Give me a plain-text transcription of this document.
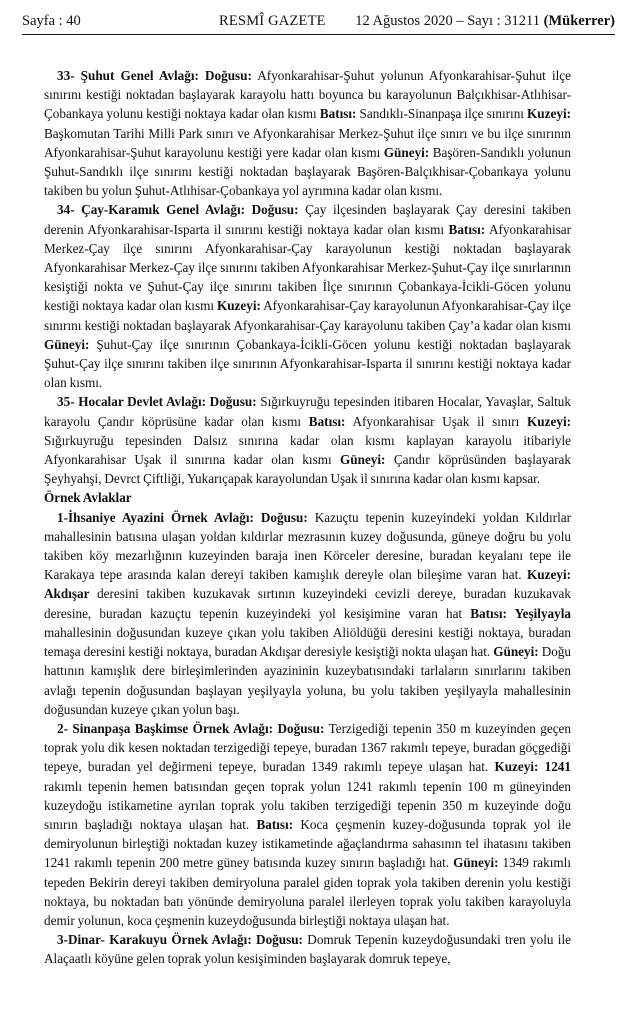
Sayfa : 40	RESMÎ GAZETE 12 Ağustos 2020 – Sayı : 31211 (Mükerrer)

33- Şuhut Genel Avlağı: Doğusu: Afyonkarahisar-Şuhut yolunun Afyonkarahisar-Şuhut ilçe sınırını kestiği noktadan başlayarak karayolu hattı boyunca bu karayolunun Balçıkhisar-Atlıhisar-Çobankaya yolunu kestiği noktaya kadar olan kısmı Batısı: Sandıklı-Sinanpaşa ilçe sınırını Kuzeyi: Başkomutan Tarihi Milli Park sınırı ve Afyonkarahisar Merkez-Şuhut ilçe sınırı ve bu ilçe sınırının Afyonkarahisar-Şuhut karayolunu kestiği yere kadar olan kısmı Güneyi: Başören-Sandıklı yolunun Şuhut-Sandıklı ilçe sınırını kestiği noktadan başlayarak Başören-Balçıkhisar-Çobankaya yolunu takiben bu yolun Şuhut-Atlıhisar-Çobankaya yol ayrımına kadar olan kısmı.

34- Çay-Karamık Genel Avlağı: Doğusu: Çay ilçesinden başlayarak Çay deresini takiben derenin Afyonkarahisar-Isparta il sınırını kestiği noktaya kadar olan kısmı Batısı: Afyonkarahisar Merkez-Çay ilçe sınırını Afyonkarahisar-Çay karayolunun kestiği noktadan başlayarak Afyonkarahisar Merkez-Çay ilçe sınırını takiben Afyonkarahisar Merkez-Şuhut-Çay ilçe sınırlarının kesiştiği nokta ve Şuhut-Çay ilçe sınırını takiben İlçe sınırının Çobankaya-İcikli-Göcen yolunu kestiği noktaya kadar olan kısmı Kuzeyi: Afyonkarahisar-Çay karayolunun Afyonkarahisar-Çay ilçe sınırını kestiği noktadan başlayarak Afyonkarahisar-Çay karayolunu takiben Çay’a kadar olan kısmı Güneyi: Şuhut-Çay ilçe sınırının Çobankaya-İcikli-Göcen yolunu kestiği noktadan başlayarak Şuhut-Çay ilçe sınırını takiben ilçe sınırının Afyonkarahisar-Isparta il sınırını kestiği noktaya kadar olan kısmı.

35- Hocalar Devlet Avlağı: Doğusu: Sığırkuyruğu tepesinden itibaren Hocalar, Yavaşlar, Saltuk karayolu Çandır köprüsüne kadar olan kısmı Batısı: Afyonkarahisar Uşak il sınırı Kuzeyi: Sığırkuyruğu tepesinden Dalsız sınırına kadar olan kısmı kaplayan karayolu itibariyle Afyonkarahisar Uşak il sınırına kadar olan kısmı Güneyi: Çandır köprüsünden başlayarak Şeyhyahşi, Devrct Çiftliği, Yukarıçapak karayolundan Uşak il sınırına kadar olan kısmı kapsar.

Örnek Avlaklar

1-İhsaniye Ayazini Örnek Avlağı: Doğusu: Kazuçtu tepenin kuzeyindeki yoldan Kıldırlar mahallesinin batısına ulaşan yoldan kıldırlar mezrasının kuzey doğusunda, güneye doğru bu yolu takiben köy mezarlığının kuzeyinden baraja inen Körceler deresine, buradan keyalanı tepe ile Karakaya tepe arasında kalan dereyi takiben kamışlık dereyle olan bileşime varan hat. Kuzeyi: Akdışar deresini takiben kuzukavak sırtının kuzeyindeki cevizli dereye, buradan kuzukavak deresine, buradan kazuçtu tepenin kuzeyindeki yol kesişimine varan hat Batısı: Yeşilyayla mahallesinin doğusundan kuzeye çıkan yolu takiben Aliöldüğü deresini kestiği noktaya, buradan temaşa deresini kestiği noktaya, buradan Akdışar deresiyle kesiştiği nokta ulaşan hat. Güneyi: Doğu hattının kamışlık dere birleşimlerinden ayazininin kuzeybatısındaki tarlaların sınırlarını takiben avlağı tepenin doğusundan başlayan yeşilyayla yoluna, bu yolu takiben yeşilyayla mahallesinin doğusundan kuzeye çıkan yolun başı.

2- Sinanpaşa Başkimse Örnek Avlağı: Doğusu: Terzigediği tepenin 350 m kuzeyinden geçen toprak yolu dik kesen noktadan terzigediği tepeye, buradan 1367 rakımlı tepeye, buradan göçgediği tepeye, buradan yel değirmeni tepeye, buradan 1349 rakımlı tepeye ulaşan hat. Kuzeyi: 1241 rakımlı tepenin hemen batısından geçen toprak yolun 1241 rakımlı tepenin 100 m güneyinden kuzeydoğu istikametine ayrılan toprak yolu takiben terzigediği tepenin 350 m kuzeyinde doğu sınırın başladığı noktaya ulaşan hat. Batısı: Koca çeşmenin kuzey-doğusunda toprak yol ile demiryolunun birleştiği noktadan kuzey istikametinde ağaçlandırma sahasının tel ihatasını takiben 1241 rakımlı tepenin 200 metre güney batısında kuzey sınırın başladığı hat. Güneyi: 1349 rakımlı tepeden Bekirin dereyi takiben demiryoluna paralel giden toprak yola takiben derenin yolu kestiği noktaya, bu noktadan batı yönünde demiryoluna paralel ilerleyen toprak yolu takiben karayoluyla demir yolunun, koca çeşmenin kuzeydoğusunda birleştiği noktaya ulaşan hat.

3-Dinar- Karakuyu Örnek Avlağı: Doğusu: Domruk Tepenin kuzeydoğusundaki tren yolu ile Alaçaatlı köyüne gelen toprak yolun kesişiminden başlayarak domruk tepeye,
